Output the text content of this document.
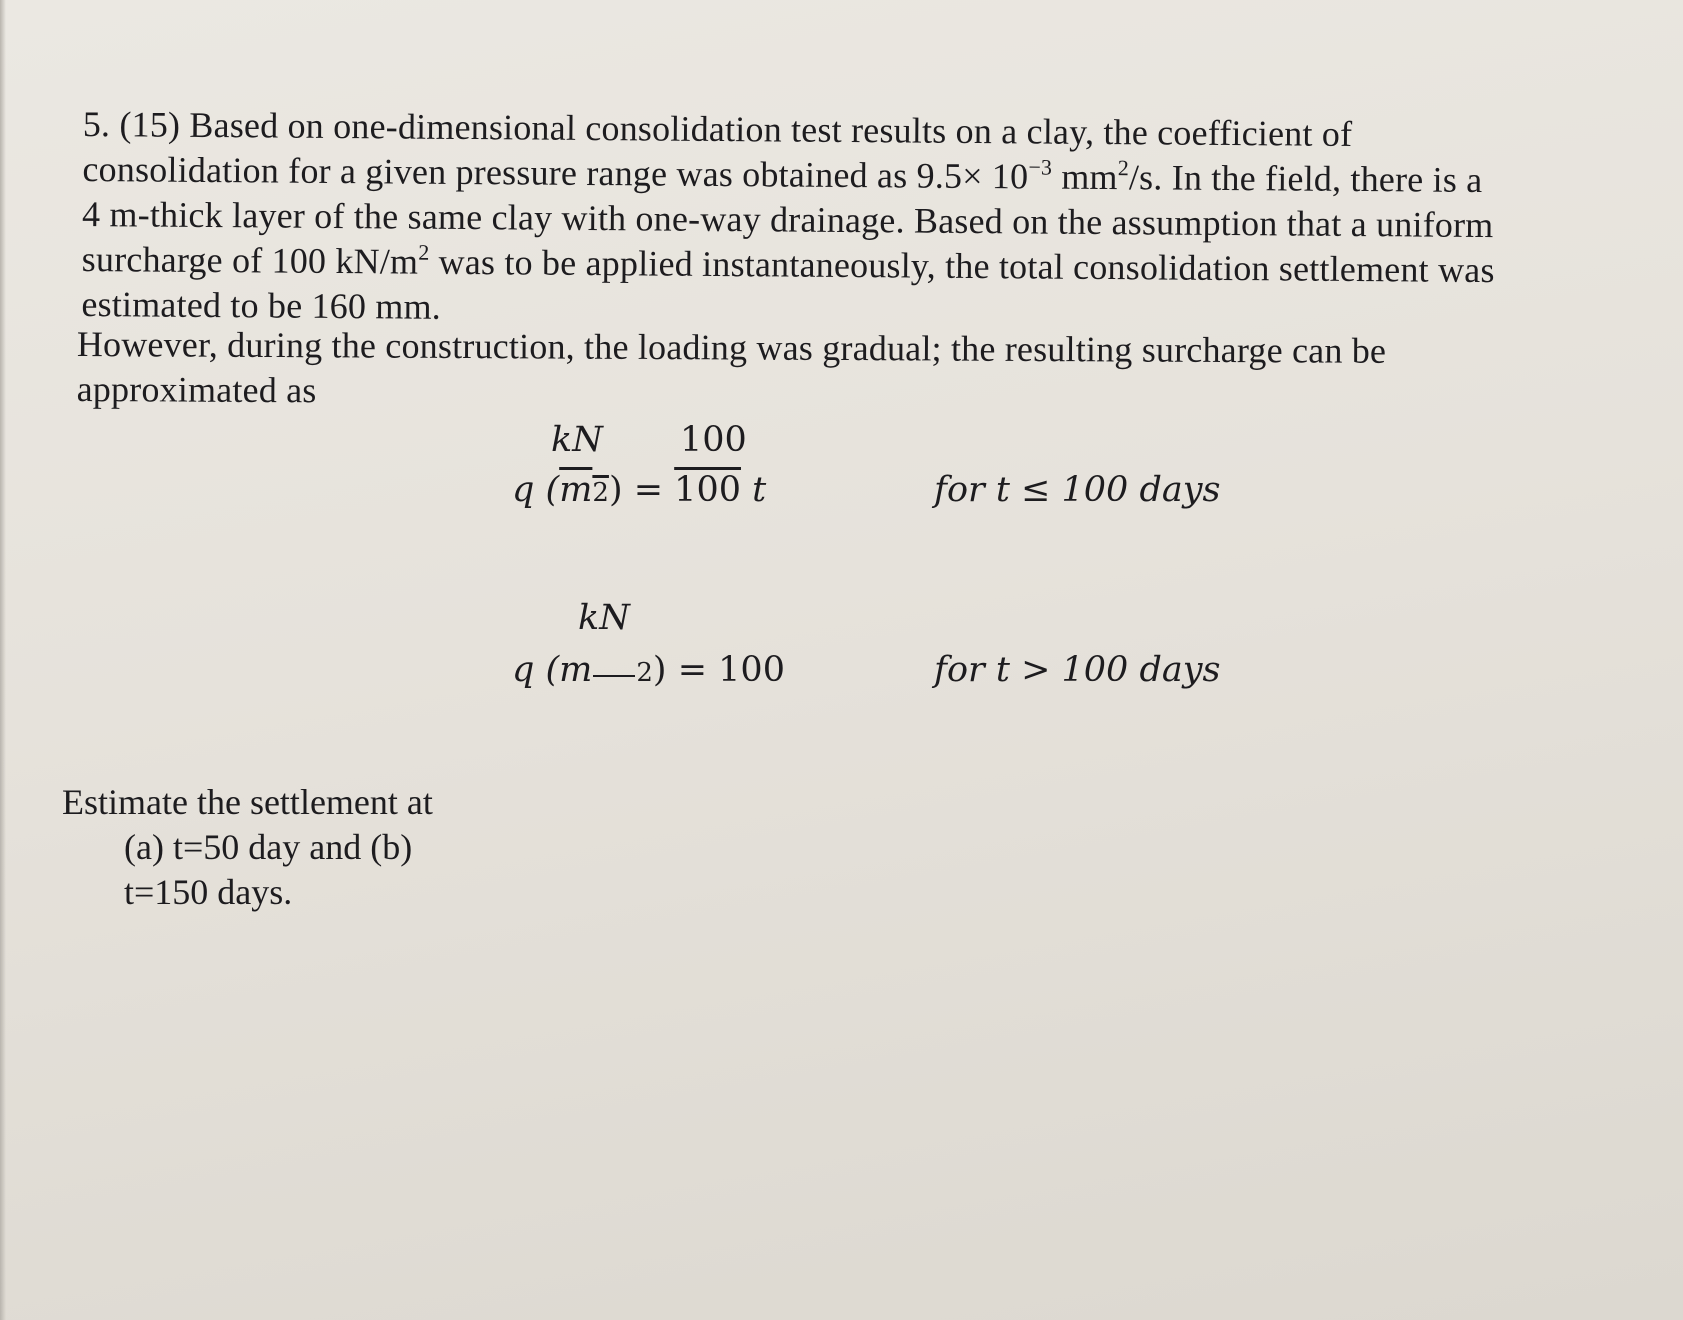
5. (15) Based on one-dimensional consolidation test results on a clay, the coefficient of
consolidation for a given pressure range was obtained as $9.5\times 10^{-3}$ $mm^2/s$. In the field, there is a
4 m-thick layer of the same clay with one-way drainage. Based on the assumption that a uniform
surcharge of 100 $kN/m^2$ was to be applied instantaneously, the total consolidation settlement was
estimated to be 160 mm.

However, during the construction, the loading was gradual; the resulting surcharge can be
approximated as

kN 100
q (m2) = 100 t	for t ≤ 100 days
kN
q (m 2) = 100	for t > 100 days

Estimate the settlement at
(a) t=50 day and (b)
t=150 days.
